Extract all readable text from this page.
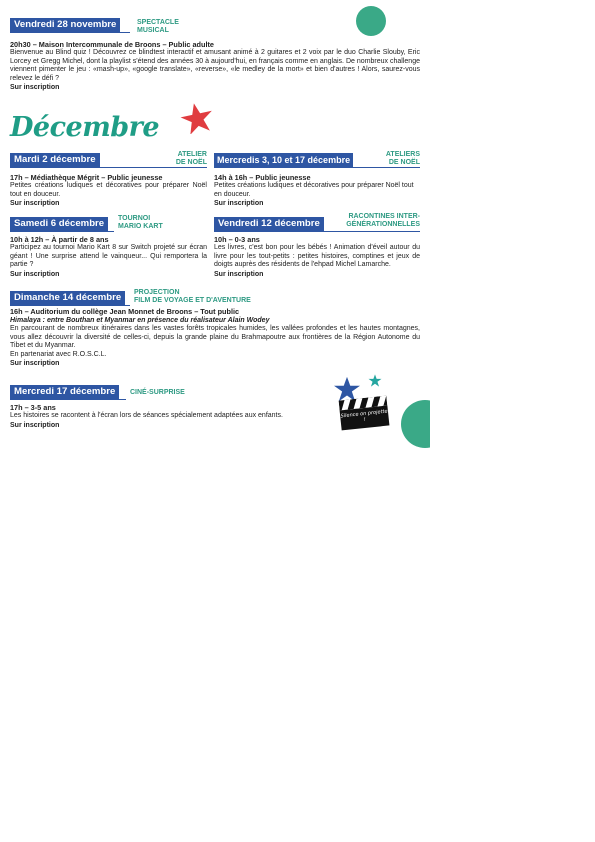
Vendredi 28 novembre	SPECTACLE
MUSICAL
20h30 – Maison Intercommunale de Broons – Public adulte
Bienvenue au Blind quiz ! Découvrez ce blindtest interactif et amusant animé à 2 guitares et 2 voix par le duo Charlie Slouby, Eric Lorcey et Gregg Michel, dont la playlist s'étend des années 30 à aujourd'hui, en français comme en anglais. De nombreux challenge viennent pimenter le jeu : «mash-up», «google translate», «reverse», «le medley de la mort» et bien d'autres ! Alors, saurez-vous relevez le défi ?
Sur inscription
Décembre
Mardi 2 décembre	ATELIER
DE NOËL
17h – Médiathèque Mégrit – Public jeunesse
Petites créations ludiques et décoratives pour préparer Noël tout en douceur.
Sur inscription
Mercredis 3, 10 et 17 décembre
ATELIERS
DE NOËL
14h à 16h – Public jeunesse
Petites créations ludiques et décoratives pour préparer Noël tout en douceur.
Sur inscription
Samedi 6 décembre	TOURNOI
MARIO KART
10h à 12h – À partir de 8 ans
Participez au tournoi Mario Kart 8 sur Switch projeté sur écran géant ! Une surprise attend le vainqueur... Qui remportera la partie ?
Sur inscription
Vendredi 12 décembre
RACONTINES INTER-
GÉNÉRATIONNELLES
10h – 0-3 ans
Les livres, c'est bon pour les bébés ! Animation d'éveil autour du livre pour les tout-petits : petites histoires, comptines et jeux de doigts auprès des résidents de l'ehpad Michel Lamarche.
Sur inscription
Dimanche 14 décembre	PROJECTION
FILM DE VOYAGE ET D'AVENTURE
16h – Auditorium du collège Jean Monnet de Broons – Tout public
Himalaya : entre Bouthan et Myanmar en présence du réalisateur Alain Wodey
En parcourant de nombreux itinéraires dans les vastes forêts tropicales humides, les vallées profondes et les hautes montagnes, vous allez découvrir la diversité de celles-ci, depuis la grande plaine du Brahmapoutre aux frontières de la Région Autonome du Tibet et du Myanmar.
En partenariat avec R.O.S.C.L.
Sur inscription
Mercredi 17 décembre	CINÉ-SURPRISE
17h – 3-5 ans
Les histoires se racontent à l'écran lors de séances spécialement adaptées aux enfants.
Sur inscription
Silence on projette !
